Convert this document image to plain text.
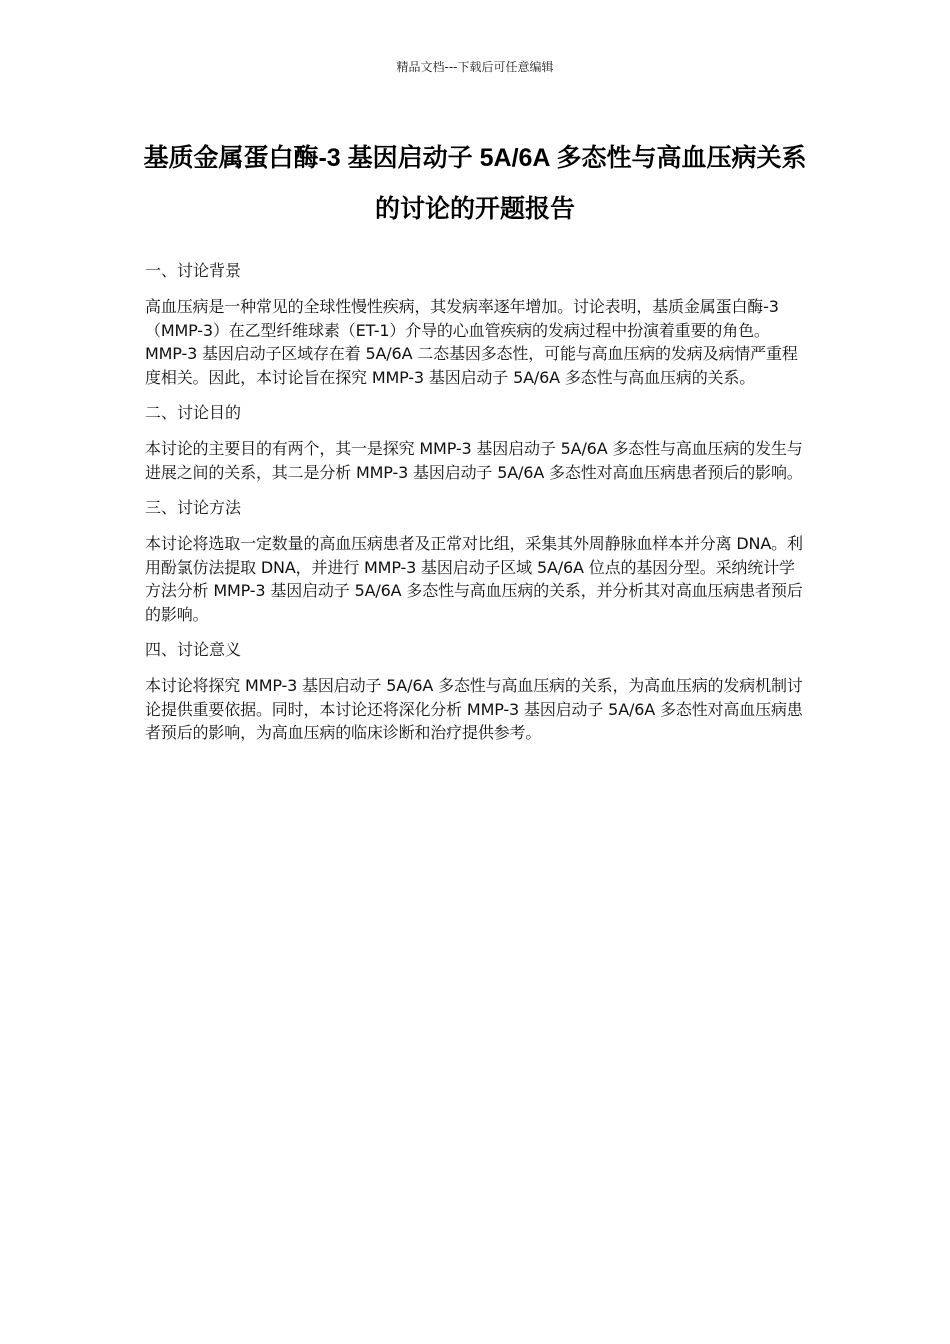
精品文档---下载后可任意编辑
基质金属蛋白酶-3 基因启动子 5A/6A 多态性与高血压病关系的讨论的开题报告

一、讨论背景

高血压病是一种常见的全球性慢性疾病，其发病率逐年增加。讨论表明，基质金属蛋白酶-3（MMP-3）在乙型纤维球素（ET-1）介导的心血管疾病的发病过程中扮演着重要的角色。MMP-3 基因启动子区域存在着 5A/6A 二态基因多态性，可能与高血压病的发病及病情严重程度相关。因此，本讨论旨在探究 MMP-3 基因启动子 5A/6A 多态性与高血压病的关系。

二、讨论目的

本讨论的主要目的有两个，其一是探究 MMP-3 基因启动子 5A/6A 多态性与高血压病的发生与进展之间的关系，其二是分析 MMP-3 基因启动子 5A/6A 多态性对高血压病患者预后的影响。

三、讨论方法

本讨论将选取一定数量的高血压病患者及正常对比组，采集其外周静脉血样本并分离 DNA。利用酚氯仿法提取 DNA，并进行 MMP-3 基因启动子区域 5A/6A 位点的基因分型。采纳统计学方法分析 MMP-3 基因启动子 5A/6A 多态性与高血压病的关系，并分析其对高血压病患者预后的影响。

四、讨论意义

本讨论将探究 MMP-3 基因启动子 5A/6A 多态性与高血压病的关系，为高血压病的发病机制讨论提供重要依据。同时，本讨论还将深化分析 MMP-3 基因启动子 5A/6A 多态性对高血压病患者预后的影响，为高血压病的临床诊断和治疗提供参考。
